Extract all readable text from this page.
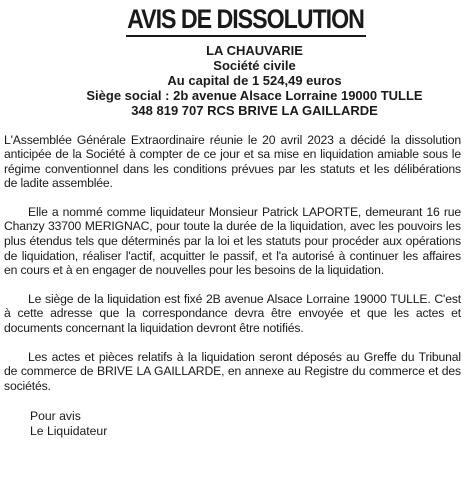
AVIS DE DISSOLUTION
LA CHAUVARIE
Société civile
Au capital de 1 524,49 euros
Siège social : 2b avenue Alsace Lorraine 19000 TULLE
348 819 707 RCS BRIVE LA GAILLARDE

L'Assemblée Générale Extraordinaire réunie le 20 avril 2023 a décidé la dissolution anticipée de la Société à compter de ce jour et sa mise en liquidation amiable sous le régime conventionnel dans les conditions prévues par les statuts et les délibérations de ladite assemblée.

Elle a nommé comme liquidateur Monsieur Patrick LAPORTE, demeurant 16 rue Chanzy 33700 MERIGNAC, pour toute la durée de la liquidation, avec les pouvoirs les plus étendus tels que déterminés par la loi et les statuts pour procéder aux opérations de liquidation, réaliser l'actif, acquitter le passif, et l'a autorisé à continuer les affaires en cours et à en engager de nouvelles pour les besoins de la liquidation.

Le siège de la liquidation est fixé 2B avenue Alsace Lorraine 19000 TULLE. C'est à cette adresse que la correspondance devra être envoyée et que les actes et documents concernant la liquidation devront être notifiés.

Les actes et pièces relatifs à la liquidation seront déposés au Greffe du Tribunal de commerce de BRIVE LA GAILLARDE, en annexe au Registre du commerce et des sociétés.

Pour avis
Le Liquidateur
